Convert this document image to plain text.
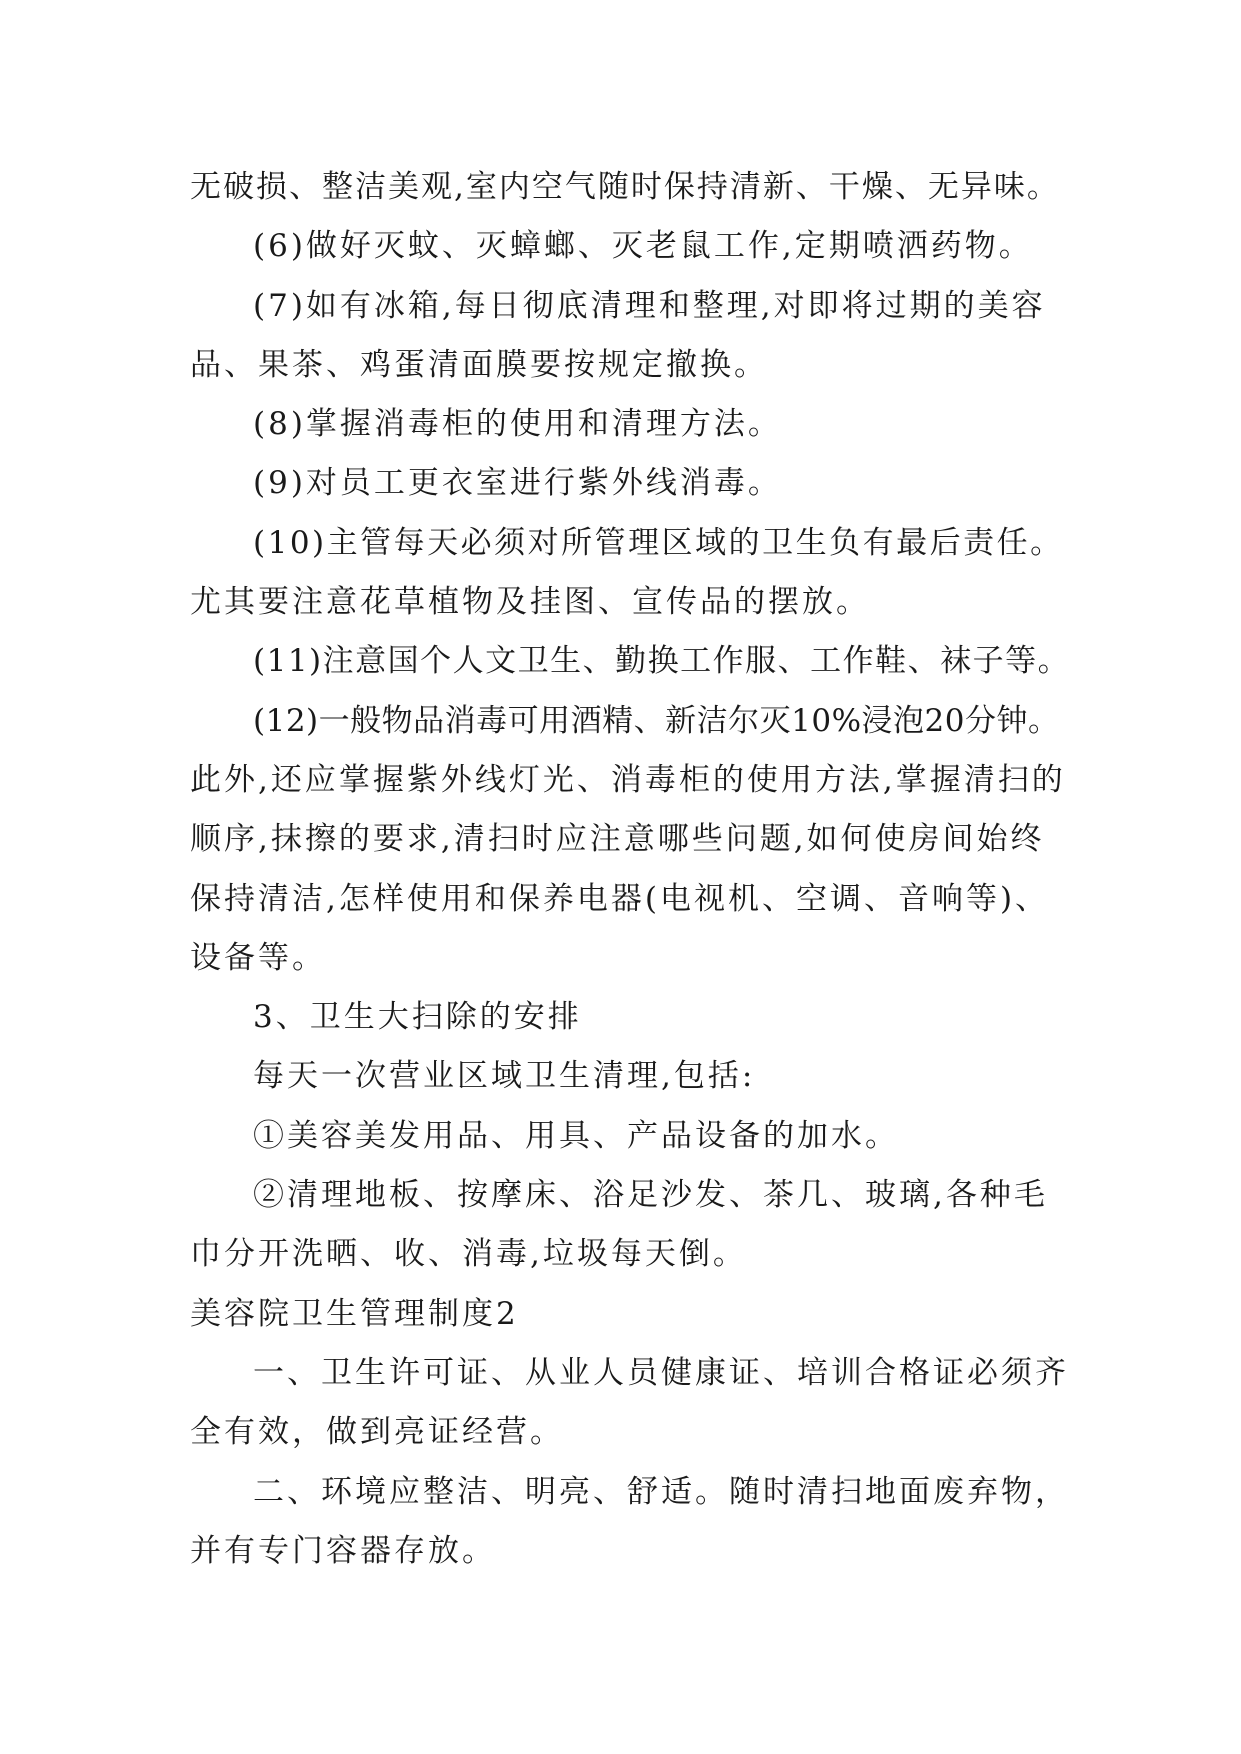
无破损、整洁美观,室内空气随时保持清新、干燥、无异味。
(6)做好灭蚊、灭蟑螂、灭老鼠工作,定期喷洒药物。
(7)如有冰箱,每日彻底清理和整理,对即将过期的美容
品、果茶、鸡蛋清面膜要按规定撤换。
(8)掌握消毒柜的使用和清理方法。
(9)对员工更衣室进行紫外线消毒。
(10)主管每天必须对所管理区域的卫生负有最后责任。
尤其要注意花草植物及挂图、宣传品的摆放。
(11)注意国个人文卫生、勤换工作服、工作鞋、袜子等。
(12)一般物品消毒可用酒精、新洁尔灭10%浸泡20分钟。
此外,还应掌握紫外线灯光、消毒柜的使用方法,掌握清扫的
顺序,抹擦的要求,清扫时应注意哪些问题,如何使房间始终
保持清洁,怎样使用和保养电器(电视机、空调、音响等)、
设备等。
3、卫生大扫除的安排
每天一次营业区域卫生清理,包括:
①美容美发用品、用具、产品设备的加水。
②清理地板、按摩床、浴足沙发、茶几、玻璃,各种毛
巾分开洗晒、收、消毒,垃圾每天倒。
美容院卫生管理制度2
一、卫生许可证、从业人员健康证、培训合格证必须齐
全有效，做到亮证经营。
二、环境应整洁、明亮、舒适。随时清扫地面废弃物，
并有专门容器存放。
